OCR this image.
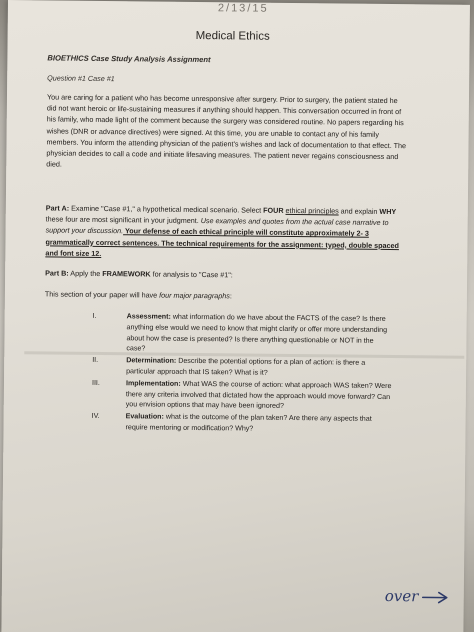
2/13/15
Medical Ethics
BIOETHICS Case Study Analysis Assignment
Question #1 Case #1

You are caring for a patient who has become unresponsive after surgery. Prior to surgery, the patient stated he did not want heroic or life-sustaining measures if anything should happen. This conversation occurred in front of his family, who made light of the comment because the surgery was considered routine. No papers regarding his wishes (DNR or advance directives) were signed. At this time, you are unable to contact any of his family members. You inform the attending physician of the patient's wishes and lack of documentation to that effect. The physician decides to call a code and initiate lifesaving measures. The patient never regains consciousness and died.

Part A: Examine "Case #1," a hypothetical medical scenario. Select FOUR ethical principles and explain WHY these four are most significant in your judgment. Use examples and quotes from the actual case narrative to support your discussion. Your defense of each ethical principle will constitute approximately 2- 3 grammatically correct sentences. The technical requirements for the assignment: typed, double spaced and font size 12.

Part B: Apply the FRAMEWORK for analysis to "Case #1":
This section of your paper will have four major paragraphs:
I.	Assessment: what information do we have about the FACTS of the case? Is there anything else would we need to know that might clarify or offer more understanding about how the case is presented? Is there anything questionable or NOT in the case?
II.	Determination: Describe the potential options for a plan of action: is there a particular approach that IS taken? What is it?
III.	Implementation: What WAS the course of action: what approach WAS taken? Were there any criteria involved that dictated how the approach would move forward? Can you envision options that may have been ignored?
IV.	Evaluation: what is the outcome of the plan taken? Are there any aspects that require mentoring or modification? Why?
over
